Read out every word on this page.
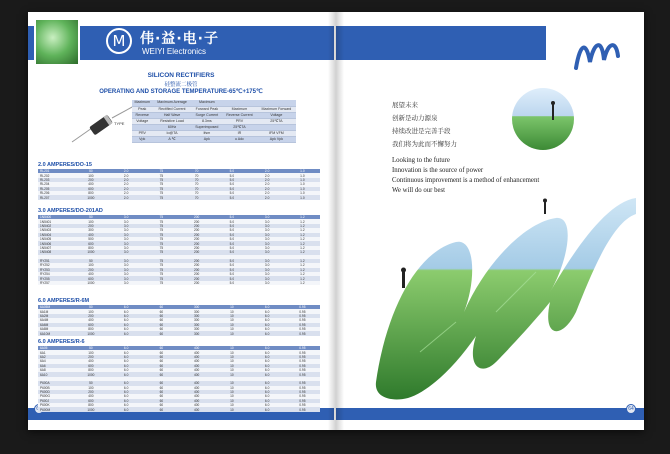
M	伟·益·电·子
WEIYI Electronics
SILICON RECTIFIERS
硅整流二极管
OPERATING AND STORAGE TEMPERATURE-65℃+175℃
TYPE
Maximum	Maximum Average	Maximum		
Peak	Rectified Current	Forward Peak	Maximum	Maximum Forward
Reverse	Half Wave	Surge Current	Reverse Current	Voltage
Voltage	Resistive Load	8.3ms	PRV	25℃TA
	60Hz	Superimposed	25℃TA	
PRV	Io@TA	Ifsm	IR	IFM VFM
Vpk	A ℃	Apk	u Adc	Apk Vpk
2.0 AMPERES/DO-15
RL201	50	2.0	75	70	5.0	2.0	1.0
RL202	100	2.0	75	70	5.0	2.0	1.0
RL203	200	2.0	75	70	5.0	2.0	1.0
RL204	400	2.0	75	70	5.0	2.0	1.0
RL205	600	2.0	75	70	5.0	2.0	1.0
RL206	800	2.0	75	70	5.0	2.0	1.0
RL207	1000	2.0	75	70	5.0	2.0	1.0
3.0 AMPERES/DO-201AD
1N5400	50	3.0	75	200	5.0	3.0	1.2
1N5401	100	3.0	75	200	5.0	3.0	1.2
1N5402	200	3.0	75	200	5.0	3.0	1.2
1N5403	300	3.0	75	200	5.0	3.0	1.2
1N5404	400	3.0	75	200	5.0	3.0	1.2
1N5405	500	3.0	75	200	5.0	3.0	1.2
1N5406	600	3.0	75	200	5.0	3.0	1.2
1N5407	800	3.0	75	200	5.0	3.0	1.2
1N5408	1000	3.0	75	200	5.0	3.0	1.2

RY251	50	3.0	75	200	5.0	3.0	1.2
RY252	100	3.0	75	200	5.0	3.0	1.2
RY253	200	3.0	75	200	5.0	3.0	1.2
RY254	400	3.0	75	200	5.0	3.0	1.2
RY255	600	3.0	75	200	5.0	3.0	1.2
RY257	1000	3.0	75	200	5.0	3.0	1.2
6.0 AMPERES/R-6M
6A05M	50	6.0	60	300	10	6.0	0.95
6A1M	100	6.0	60	300	10	6.0	0.95
6A2M	200	6.0	60	300	10	6.0	0.95
6A4M	400	6.0	60	300	10	6.0	0.95
6A6M	600	6.0	60	300	10	6.0	0.95
6A8M	800	6.0	60	300	10	6.0	0.95
6A10M	1000	6.0	60	300	10	6.0	0.95
6.0 AMPERES/R-6
6A05	50	6.0	60	400	10	6.0	0.95
6A1	100	6.0	60	400	10	6.0	0.95
6A2	200	6.0	60	400	10	6.0	0.95
6A4	400	6.0	60	400	10	6.0	0.95
6A6	600	6.0	60	400	10	6.0	0.95
6A8	800	6.0	60	400	10	6.0	0.95
6A10	1000	6.0	60	400	10	6.0	0.95

P600A	50	6.0	60	400	10	6.0	0.95
P600B	100	6.0	60	400	10	6.0	0.95
P600D	200	6.0	60	400	10	6.0	0.95
P600G	400	6.0	60	400	10	6.0	0.95
P600J	600	6.0	60	400	10	6.0	0.95
P600K	800	6.0	60	400	10	6.0	0.95
P600M	1000	6.0	60	400	10	6.0	0.95
展望未来
创新是动力源泉
持续改进是完善手段
我们将为此而不懈努力
Looking to the future
Innovation is the source of power
Continuous improvement is a method of enhancement
We will do our best
64
